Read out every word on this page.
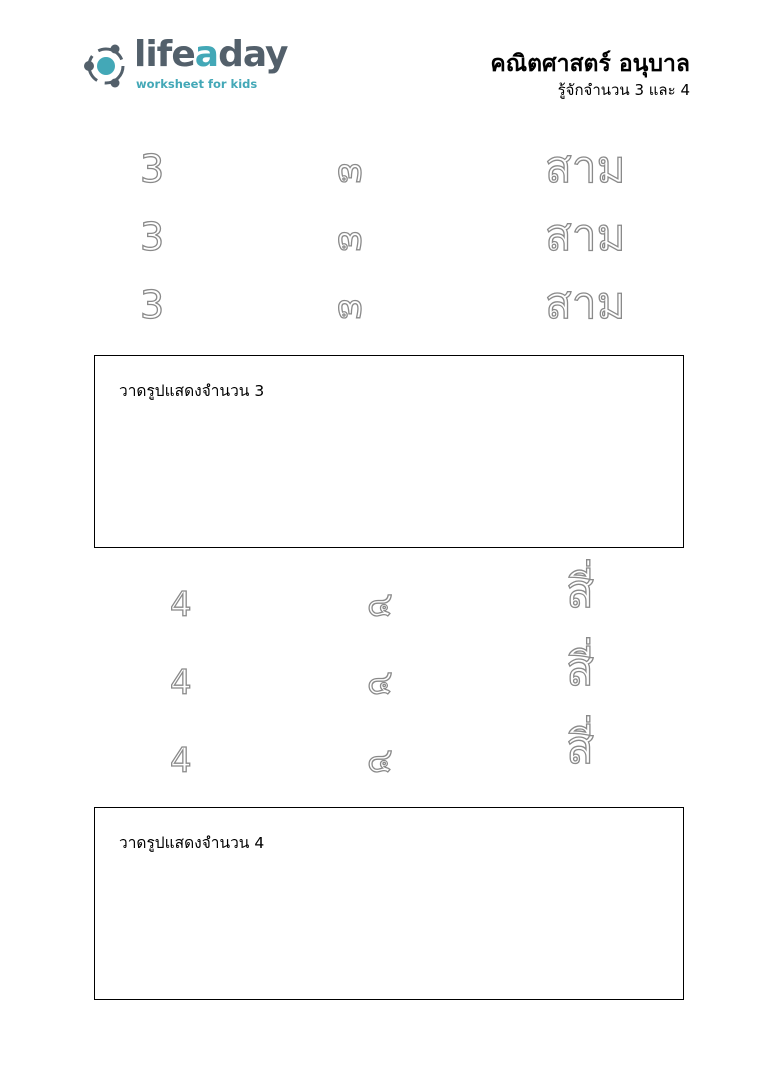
lifeaday
worksheet for kids
คณิตศาสตร์ อนุบาล
รู้จักจำนวน 3 และ 4
3	๓	สาม
3	๓	สาม
3	๓	สาม
วาดรูปแสดงจำนวน 3
4	๔	สี่
4	๔	สี่
4	๔	สี่
วาดรูปแสดงจำนวน 4
